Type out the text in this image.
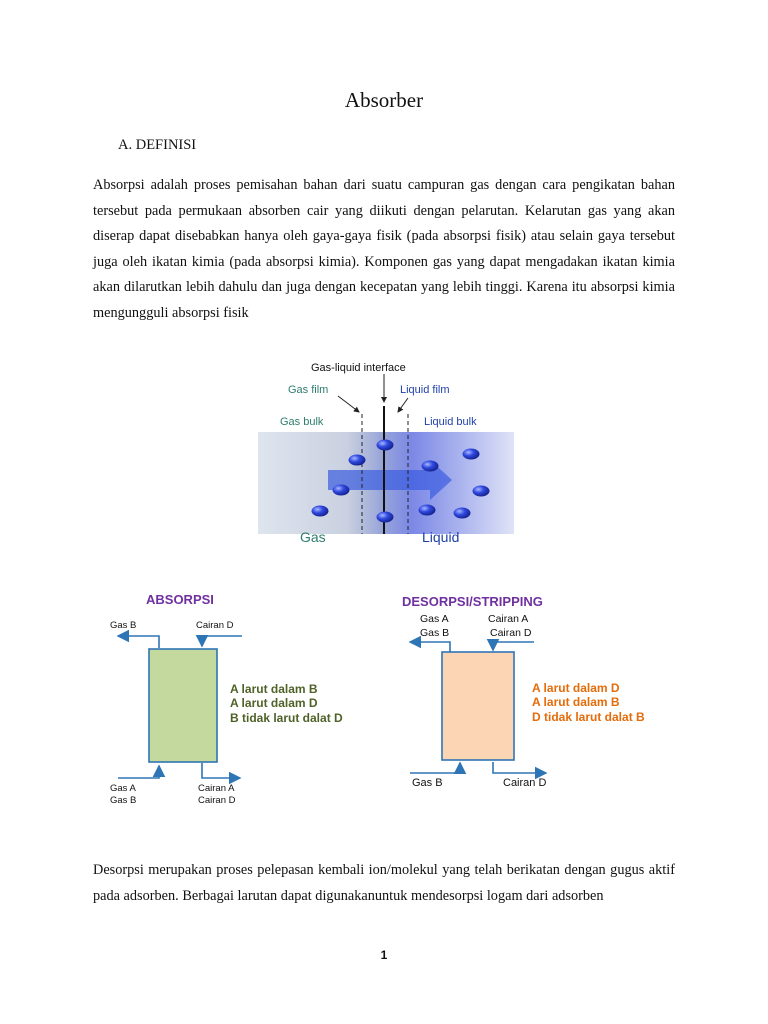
Absorber
A. DEFINISI
Absorpsi adalah proses pemisahan bahan dari suatu campuran gas dengan cara pengikatan bahan tersebut pada permukaan absorben cair yang diikuti dengan pelarutan. Kelarutan gas yang akan diserap dapat disebabkan hanya oleh gaya-gaya fisik (pada absorpsi fisik) atau selain gaya tersebut juga oleh ikatan kimia (pada absorpsi kimia). Komponen gas yang dapat mengadakan ikatan kimia akan dilarutkan lebih dahulu dan juga dengan kecepatan yang lebih tinggi. Karena itu absorpsi kimia mengungguli absorpsi fisik
Gas-liquid interface
Gas film	Liquid film
Gas bulk	Liquid bulk
Gas	Liquid
ABSORPSI
Gas B	Cairan D
A larut dalam B
A larut dalam D
B tidak larut dalat D
Gas A
Gas B
Cairan A
Cairan D
DESORPSI/STRIPPING
Gas A
Gas B
Cairan A
Cairan D
A larut dalam D
A larut dalam B
D tidak larut dalat B
Gas B	Cairan D
Desorpsi merupakan proses pelepasan kembali ion/molekul yang telah berikatan dengan gugus aktif pada adsorben. Berbagai larutan dapat digunakanuntuk mendesorpsi logam dari adsorben
1
